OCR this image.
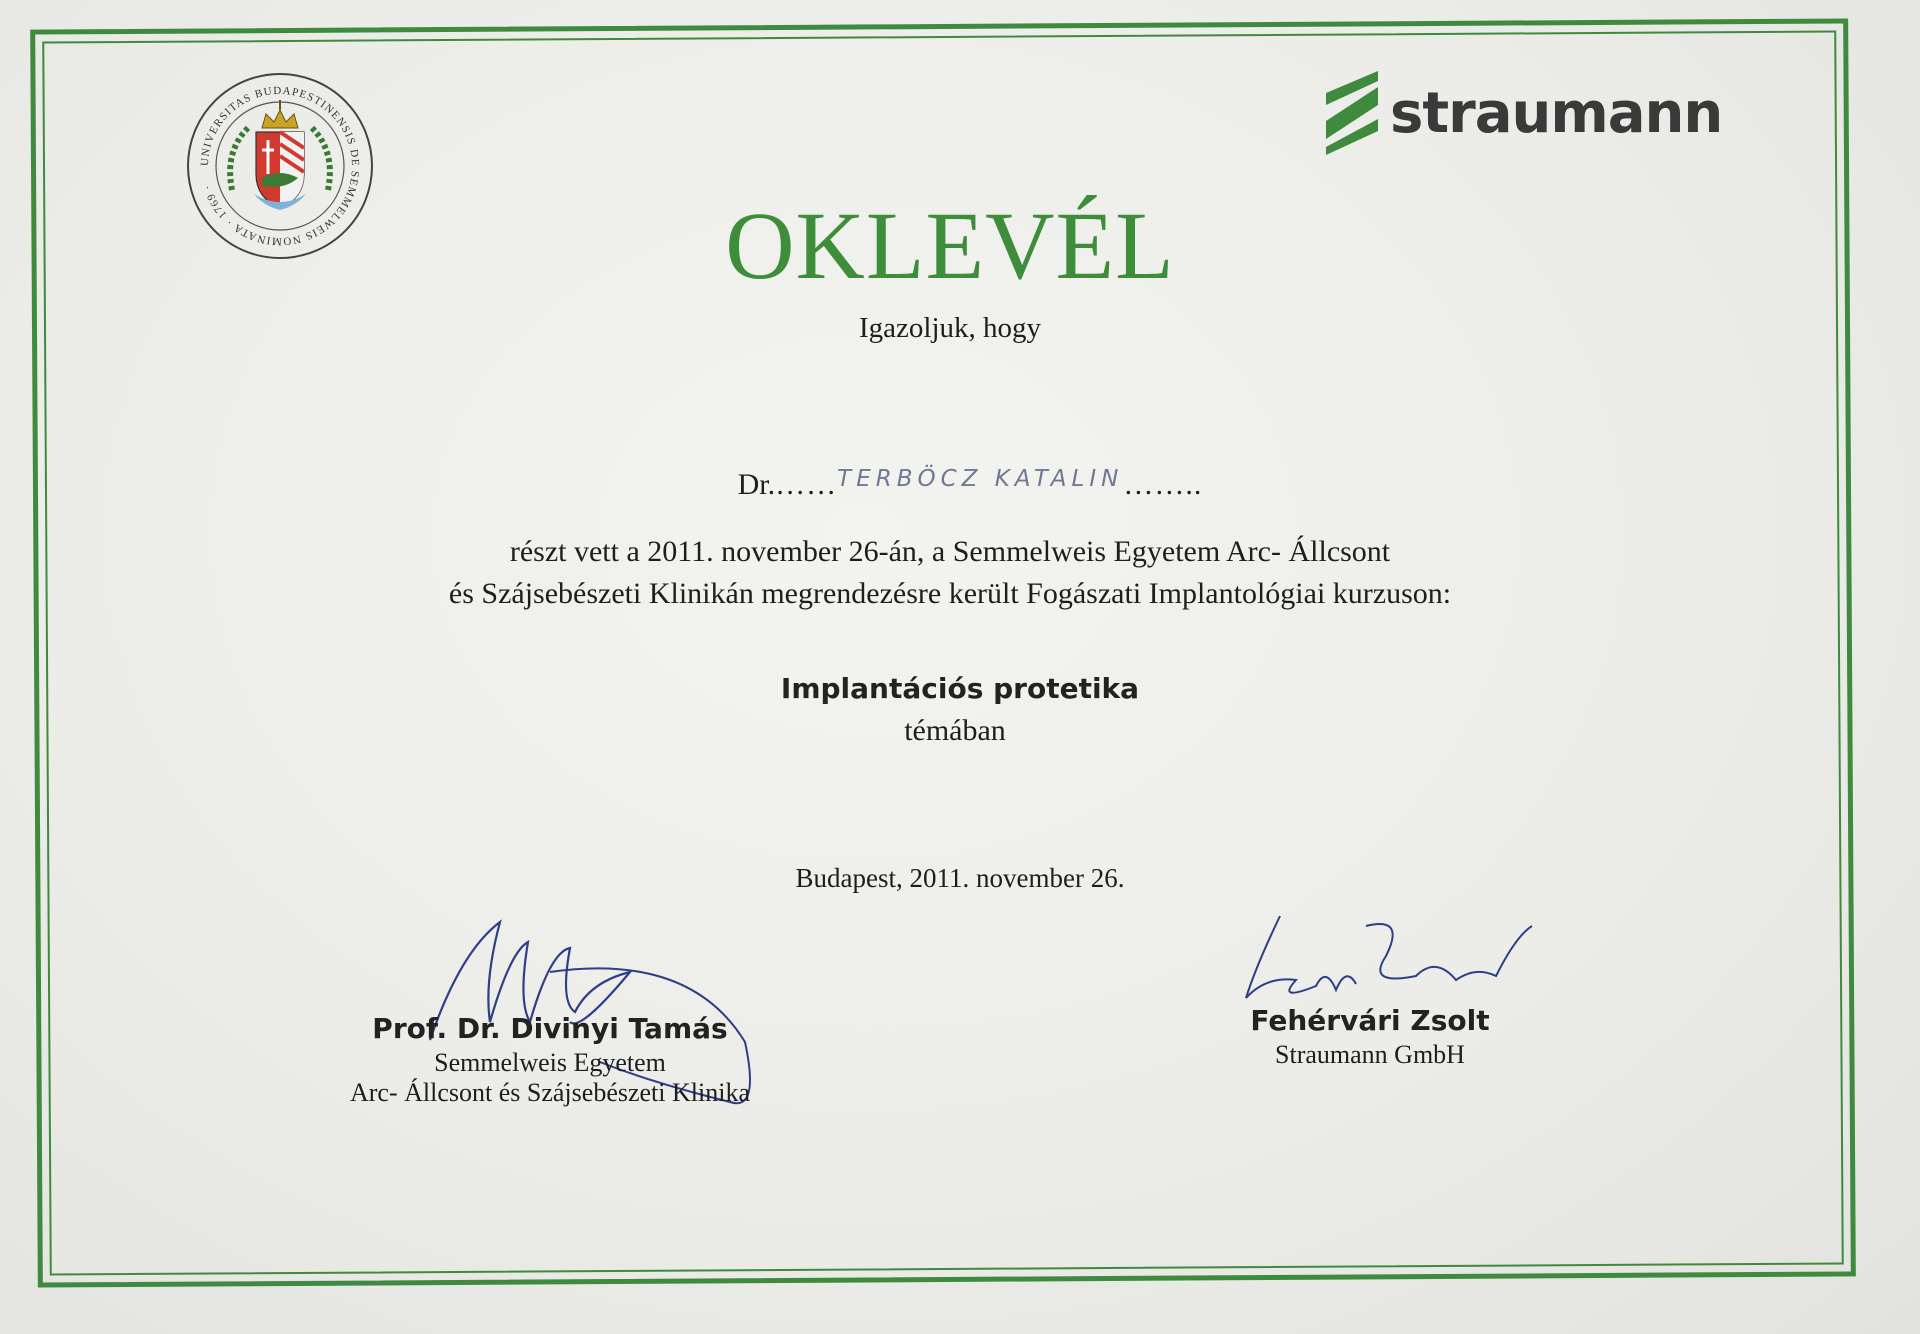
UNIVERSITAS BUDAPESTINENSIS DE SEMMELWEIS NOMINATA · 1769 ·
straumann
OKLEVÉL
Igazoljuk, hogy
Dr.……$^{TERBÖCZ KATALIN}$……..
részt vett a 2011. november 26-án, a Semmelweis Egyetem Arc- Állcsont
és Szájsebészeti Klinikán megrendezésre került Fogászati Implantológiai kurzuson:
Implantációs protetika
témában
Budapest, 2011. november 26.
Prof. Dr. Divinyi Tamás
Semmelweis Egyetem
Arc- Állcsont és Szájsebészeti Klinika
Fehérvári Zsolt
Straumann GmbH
